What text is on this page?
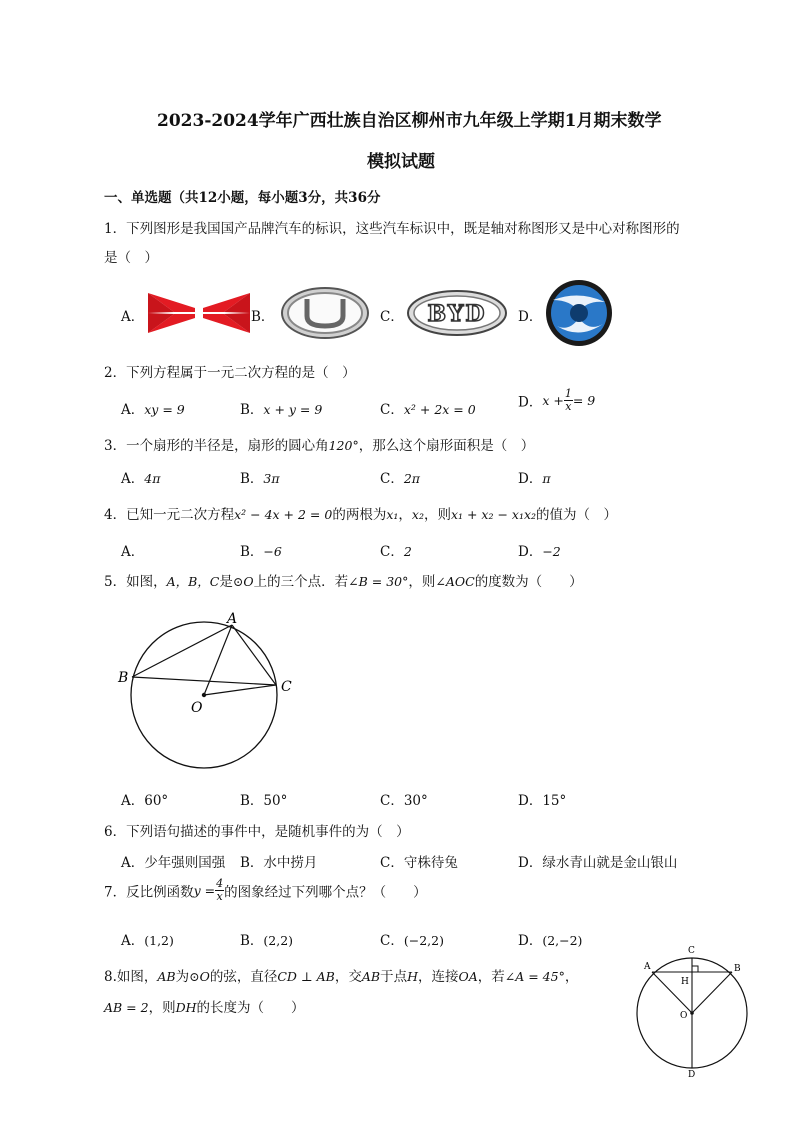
2023-2024学年广西壮族自治区柳州市九年级上学期1月期末数学
模拟试题
一、单选题（共12小题，每小题3分，共36分
1．下列图形是我国国产品牌汽车的标识，这些汽车标识中，既是轴对称图形又是中心对称图形的
是（　）
A．	B．	C． BYD D．
2．下列方程属于一元二次方程的是（　）
A．xy = 9	B．x + y = 9	C．x² + 2x = 0	D．$x + \frac{1}{x} = 9$
3．一个扇形的半径是，扇形的圆心角120°，那么这个扇形面积是（　）
A．4π	B．3π	C．2π	D．π
4．已知一元二次方程x² − 4x + 2 = 0的两根为x₁，x₂，则x₁ + x₂ − x₁x₂的值为（　）
A．	B．−6	C．2	D．−2
5．如图，A，B，C是⊙O上的三个点．若∠B = 30°，则∠AOC的度数为（　　）
A
B
C
O
A．60°	B．50°	C．30°	D．15°
6．下列语句描述的事件中，是随机事件的为（　）
A．少年强则国强 B．水中捞月	C．守株待兔	D．绿水青山就是金山银山
7．反比例函数$y = \frac{4}{x}$ 的图象经过下列哪个点？（　　）
A．(1,2)	B．(2,2)	C．(−2,2)	D．(2,−2)
8.如图，AB为⊙O的弦，直径CD ⊥ AB，交AB于点H，连接OA，若∠A = 45°，
AB = 2，则DH的长度为（　　）
C
A	B
H
O
D
